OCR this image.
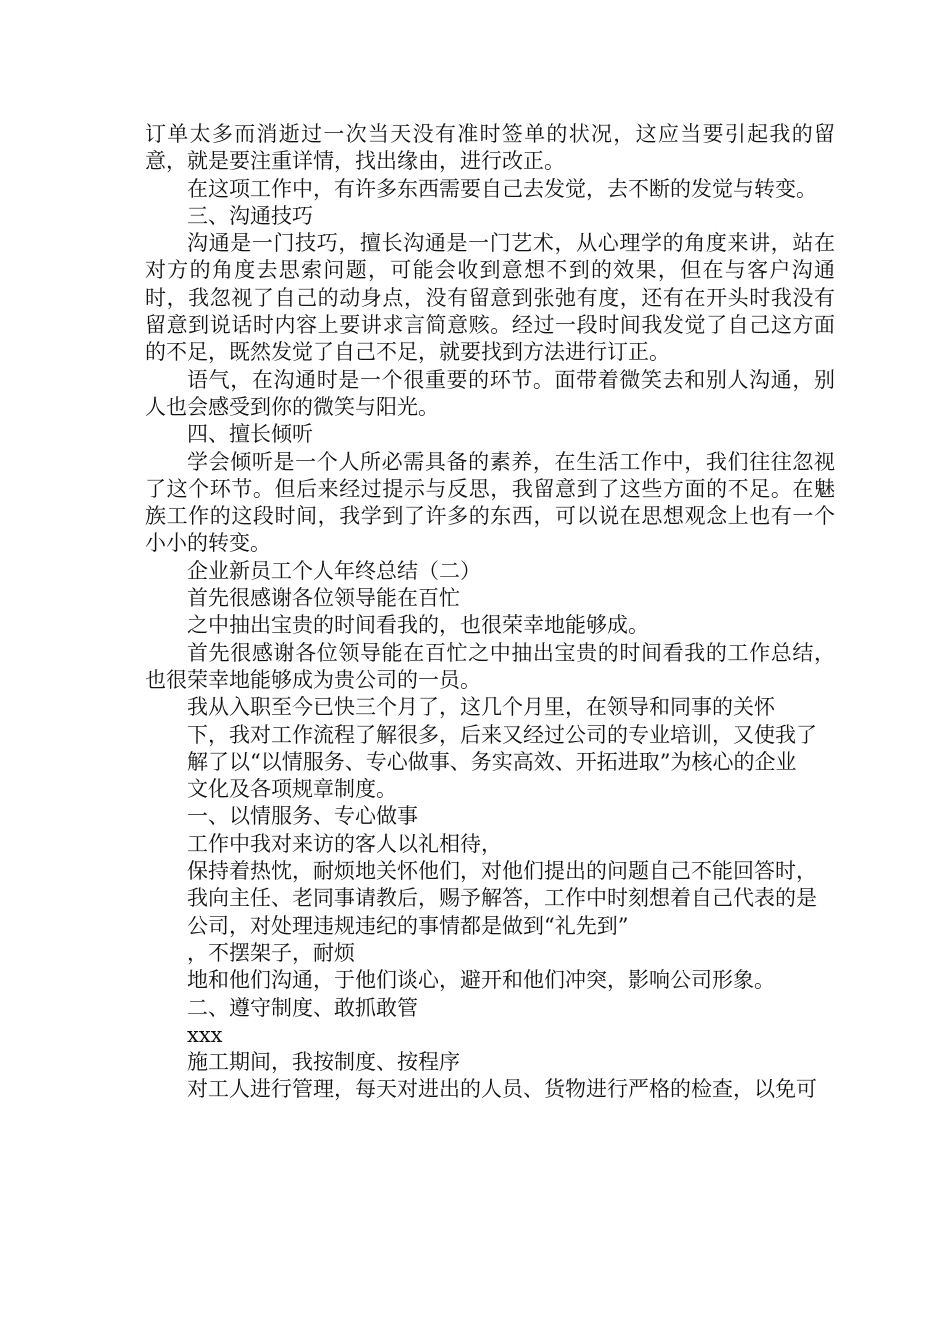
订单太多而消逝过一次当天没有准时签单的状况，这应当要引起我的留意，就是要注重详情，找出缘由，进行改正。

在这项工作中，有许多东西需要自己去发觉，去不断的发觉与转变。

三、沟通技巧

沟通是一门技巧，擅长沟通是一门艺术，从心理学的角度来讲，站在对方的角度去思索问题，可能会收到意想不到的效果，但在与客户沟通时，我忽视了自己的动身点，没有留意到张弛有度，还有在开头时我没有留意到说话时内容上要讲求言简意赅。经过一段时间我发觉了自己这方面的不足，既然发觉了自己不足，就要找到方法进行订正。

语气，在沟通时是一个很重要的环节。面带着微笑去和别人沟通，别人也会感受到你的微笑与阳光。

四、擅长倾听

学会倾听是一个人所必需具备的素养，在生活工作中，我们往往忽视了这个环节。但后来经过提示与反思，我留意到了这些方面的不足。在魅族工作的这段时间，我学到了许多的东西，可以说在思想观念上也有一个小小的转变。

企业新员工个人年终总结（二）

首先很感谢各位领导能在百忙

之中抽出宝贵的时间看我的，也很荣幸地能够成。

首先很感谢各位领导能在百忙之中抽出宝贵的时间看我的工作总结，也很荣幸地能够成为贵公司的一员。

我从入职至今已快三个月了，这几个月里，在领导和同事的关怀

下，我对工作流程了解很多，后来又经过公司的专业培训，又使我了

解了以“以情服务、专心做事、务实高效、开拓进取”为核心的企业

文化及各项规章制度。

一、以情服务、专心做事

工作中我对来访的客人以礼相待，

保持着热忱，耐烦地关怀他们，对他们提出的问题自己不能回答时，

我向主任、老同事请教后，赐予解答，工作中时刻想着自己代表的是

公司，对处理违规违纪的事情都是做到“礼先到”

，不摆架子，耐烦

地和他们沟通，于他们谈心，避开和他们冲突，影响公司形象。

二、遵守制度、敢抓敢管

xxx

施工期间，我按制度、按程序

对工人进行管理，每天对进出的人员、货物进行严格的检查，以免可
